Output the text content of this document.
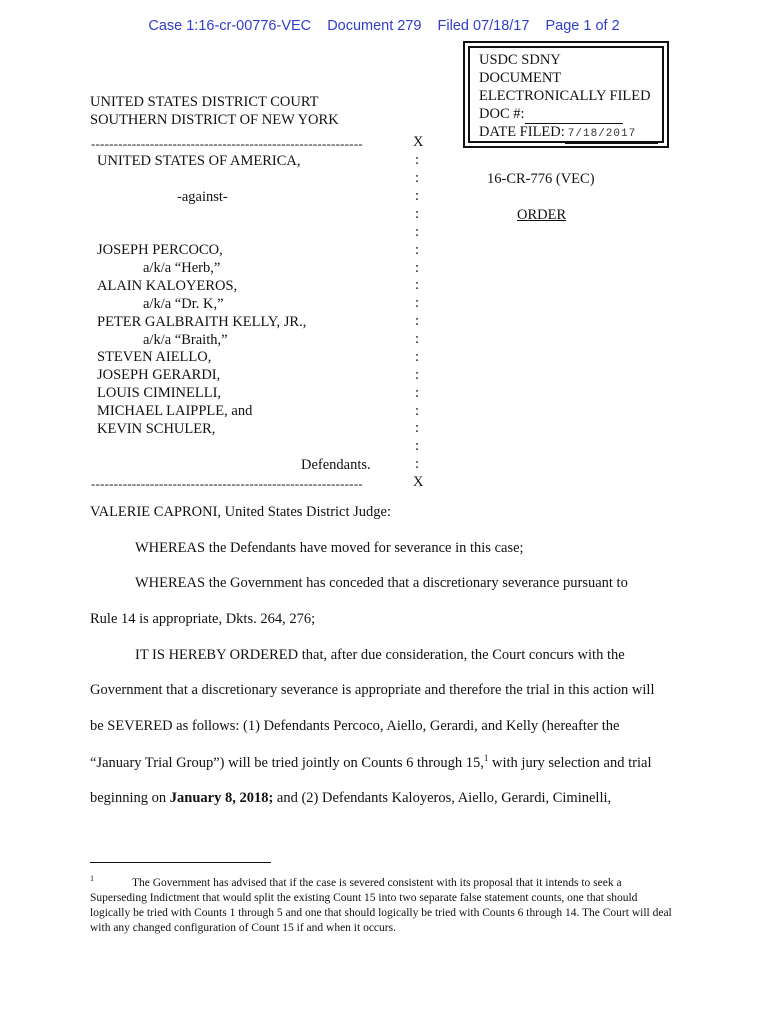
Case 1:16-cr-00776-VEC Document 279 Filed 07/18/17 Page 1 of 2
USDC SDNY
DOCUMENT
ELECTRONICALLY FILED
DOC #:
DATE FILED: 7/18/2017
UNITED STATES DISTRICT COURT
SOUTHERN DISTRICT OF NEW YORK
------------------------------------------------------------	X
------------------------------------------------------------	X
:
:
:
:
:
:
:
:
:
:
:
:
:
:
:
:
:
:
UNITED STATES OF AMERICA,
-against-
JOSEPH PERCOCO,
a/k/a “Herb,”
ALAIN KALOYEROS,
a/k/a “Dr. K,”
PETER GALBRAITH KELLY, JR.,
a/k/a “Braith,”
STEVEN AIELLO,
JOSEPH GERARDI,
LOUIS CIMINELLI,
MICHAEL LAIPPLE, and
KEVIN SCHULER,
Defendants.
16-CR-776 (VEC)
ORDER
VALERIE CAPRONI, United States District Judge:
WHEREAS the Defendants have moved for severance in this case;
WHEREAS the Government has conceded that a discretionary severance pursuant to
Rule 14 is appropriate, Dkts. 264, 276;
IT IS HEREBY ORDERED that, after due consideration, the Court concurs with the
Government that a discretionary severance is appropriate and therefore the trial in this action will
be SEVERED as follows: (1) Defendants Percoco, Aiello, Gerardi, and Kelly (hereafter the
“January Trial Group”) will be tried jointly on Counts 6 through 15,$^1$ with jury selection and trial
beginning on January 8, 2018; and (2) Defendants Kaloyeros, Aiello, Gerardi, Ciminelli,
$^1$	The Government has advised that if the case is severed consistent with its proposal that it intends to seek a Superseding Indictment that would split the existing Count 15 into two separate false statement counts, one that should logically be tried with Counts 1 through 5 and one that should logically be tried with Counts 6 through 14. The Court will deal with any changed configuration of Count 15 if and when it occurs.
